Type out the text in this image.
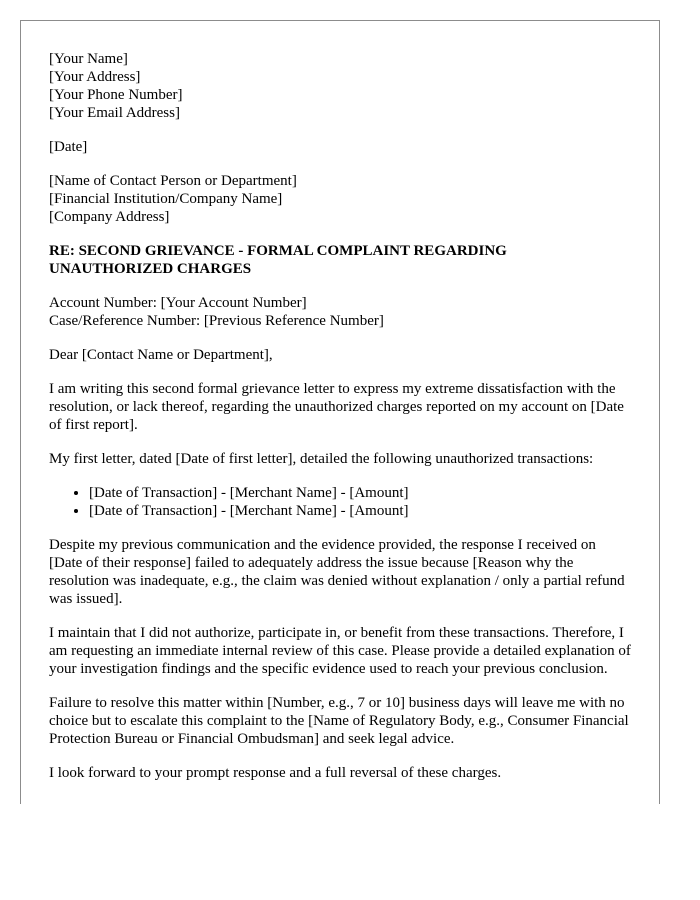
[Your Name]
[Your Address]
[Your Phone Number]
[Your Email Address]

[Date]

[Name of Contact Person or Department]
[Financial Institution/Company Name]
[Company Address]
RE: SECOND GRIEVANCE - FORMAL COMPLAINT REGARDING UNAUTHORIZED CHARGES
Account Number: [Your Account Number]
Case/Reference Number: [Previous Reference Number]

Dear [Contact Name or Department],

I am writing this second formal grievance letter to express my extreme dissatisfaction with the resolution, or lack thereof, regarding the unauthorized charges reported on my account on [Date of first report].

My first letter, dated [Date of first letter], detailed the following unauthorized transactions:

• [Date of Transaction] - [Merchant Name] - [Amount]
• [Date of Transaction] - [Merchant Name] - [Amount]

Despite my previous communication and the evidence provided, the response I received on [Date of their response] failed to adequately address the issue because [Reason why the resolution was inadequate, e.g., the claim was denied without explanation / only a partial refund was issued].

I maintain that I did not authorize, participate in, or benefit from these transactions. Therefore, I am requesting an immediate internal review of this case. Please provide a detailed explanation of your investigation findings and the specific evidence used to reach your previous conclusion.

Failure to resolve this matter within [Number, e.g., 7 or 10] business days will leave me with no choice but to escalate this complaint to the [Name of Regulatory Body, e.g., Consumer Financial Protection Bureau or Financial Ombudsman] and seek legal advice.

I look forward to your prompt response and a full reversal of these charges.
